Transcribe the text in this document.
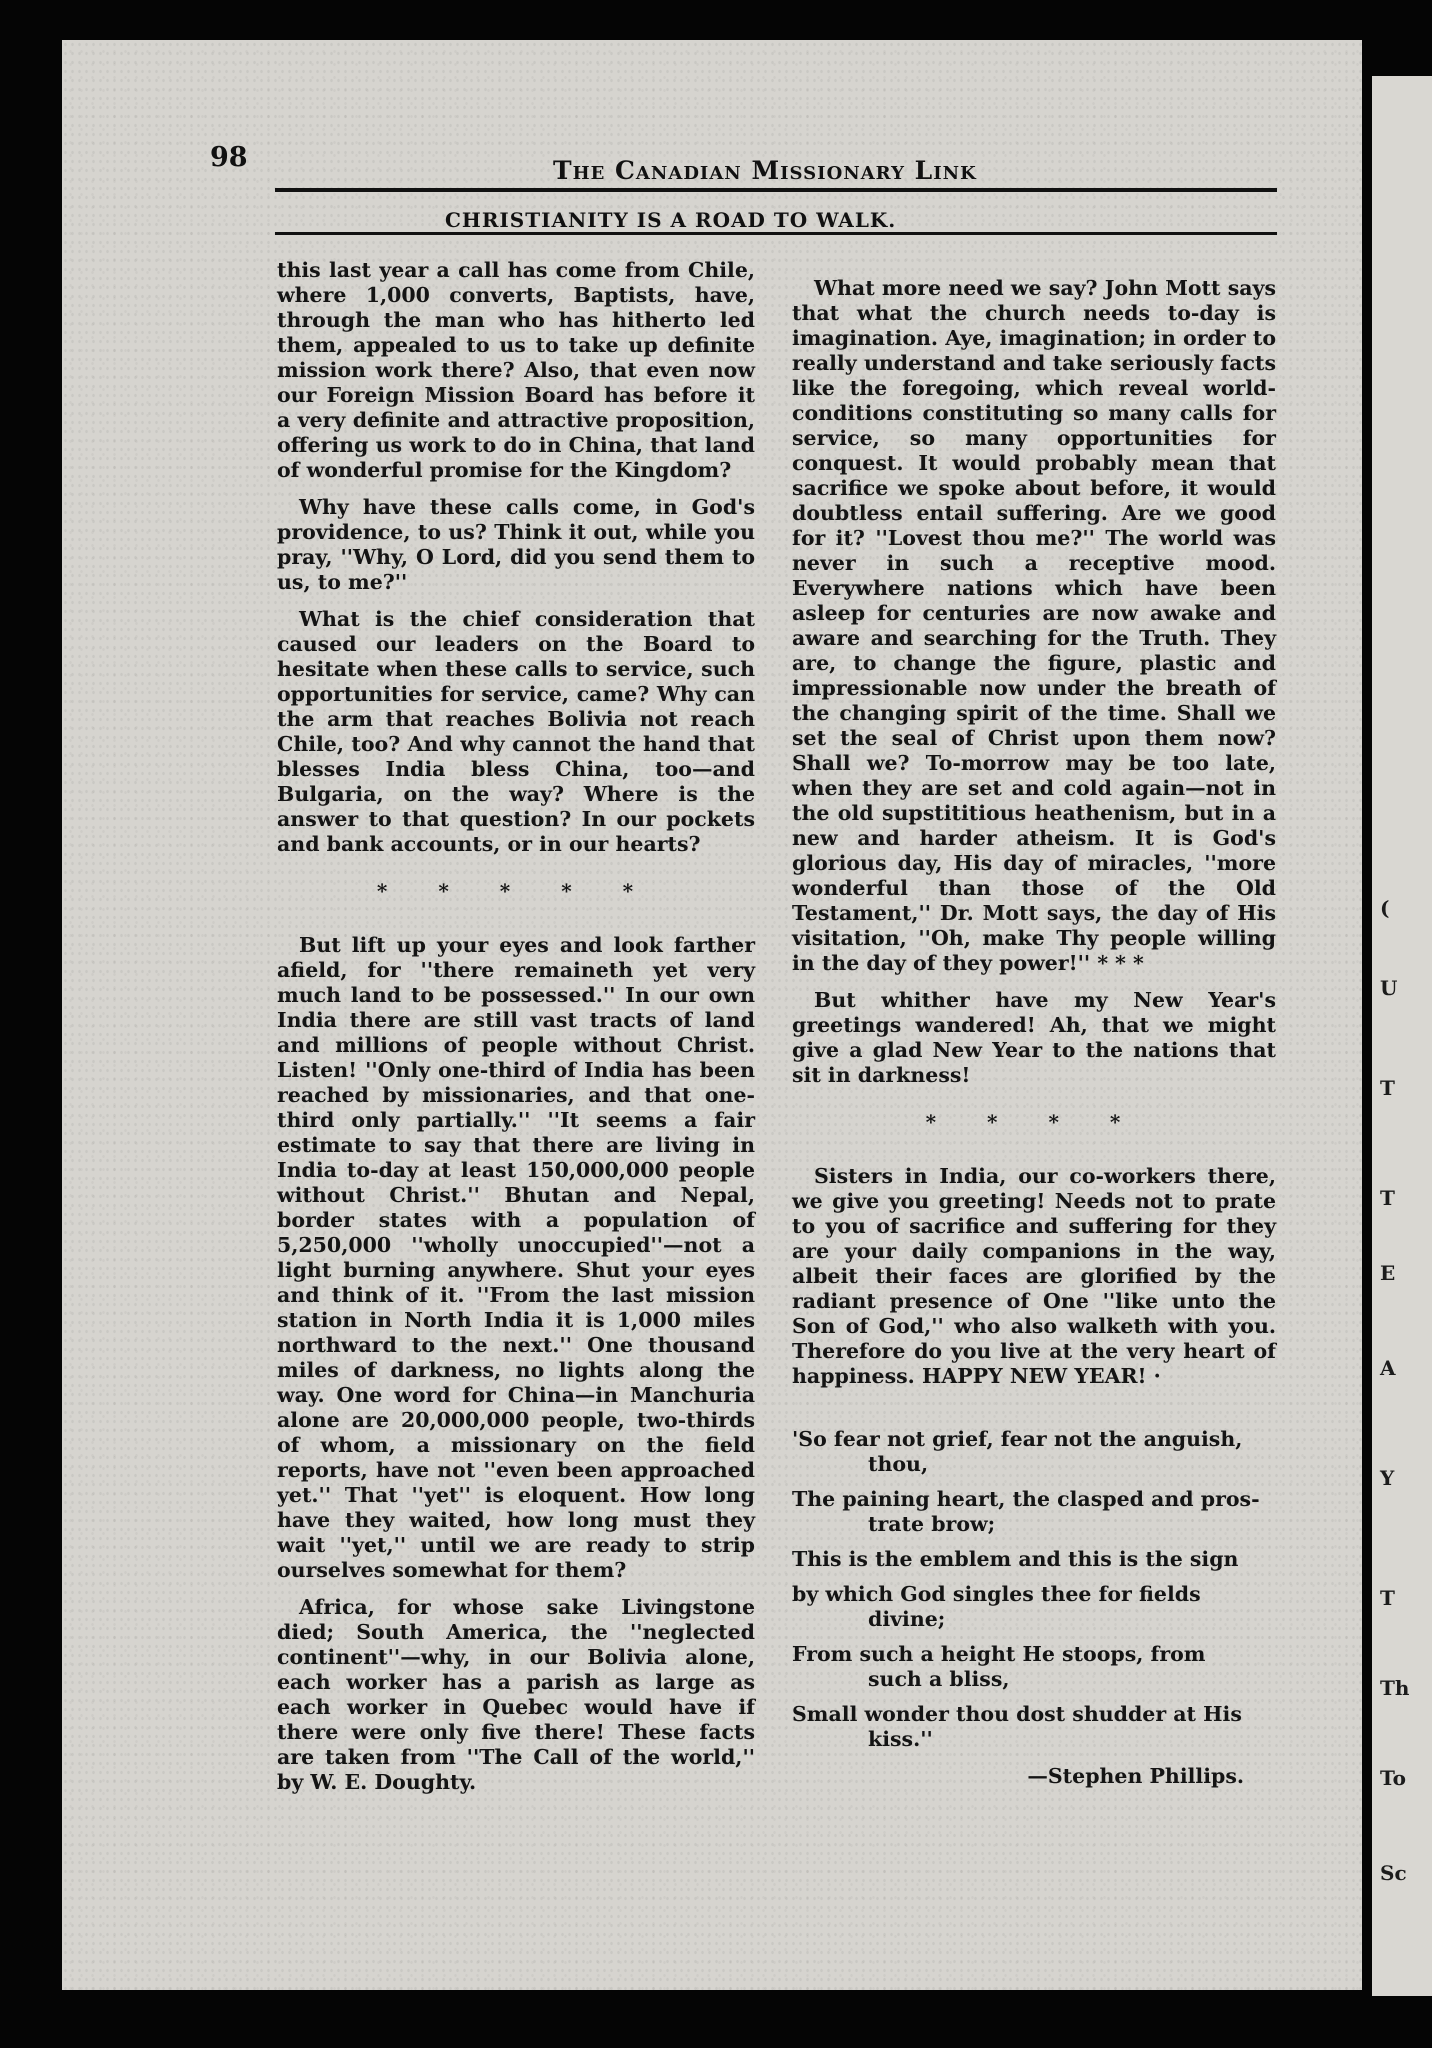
(
U
T
T
E
A
Y
T
Th
To
Sc
98	The Canadian Missionary Link
CHRISTIANITY IS A ROAD TO WALK.

this last year a call has come from Chile, where 1,000 converts, Baptists, have, through the man who has hitherto led them, appealed to us to take up definite mission work there? Also, that even now our Foreign Mission Board has before it a very definite and attractive proposition, offering us work to do in China, that land of wonderful promise for the Kingdom?

Why have these calls come, in God's providence, to us? Think it out, while you pray, ''Why, O Lord, did you send them to us, to me?''

What is the chief consideration that caused our leaders on the Board to hesitate when these calls to service, such opportunities for service, came? Why can the arm that reaches Bolivia not reach Chile, too? And why cannot the hand that blesses India bless China, too—and Bulgaria, on the way? Where is the answer to that question? In our pockets and bank accounts, or in our hearts?

* * * * *

But lift up your eyes and look farther afield, for ''there remaineth yet very much land to be possessed.'' In our own India there are still vast tracts of land and millions of people without Christ. Listen! ''Only one-third of India has been reached by missionaries, and that one-third only partially.'' ''It seems a fair estimate to say that there are living in India to-day at least 150,000,000 people without Christ.'' Bhutan and Nepal, border states with a population of 5,250,000 ''wholly unoccupied''—not a light burning anywhere. Shut your eyes and think of it. ''From the last mission station in North India it is 1,000 miles northward to the next.'' One thousand miles of darkness, no lights along the way. One word for China—in Manchuria alone are 20,000,000 people, two-thirds of whom, a missionary on the field reports, have not ''even been approached yet.'' That ''yet'' is eloquent. How long have they waited, how long must they wait ''yet,'' until we are ready to strip ourselves somewhat for them?

Africa, for whose sake Livingstone died; South America, the ''neglected continent''—why, in our Bolivia alone, each worker has a parish as large as each worker in Quebec would have if there were only five there! These facts are taken from ''The Call of the world,'' by W. E. Doughty.

What more need we say? John Mott says that what the church needs to-day is imagination. Aye, imagination; in order to really understand and take seriously facts like the foregoing, which reveal world-conditions constituting so many calls for service, so many opportunities for conquest. It would probably mean that sacrifice we spoke about before, it would doubtless entail suffering. Are we good for it? ''Lovest thou me?'' The world was never in such a receptive mood. Everywhere nations which have been asleep for centuries are now awake and aware and searching for the Truth. They are, to change the figure, plastic and impressionable now under the breath of the changing spirit of the time. Shall we set the seal of Christ upon them now? Shall we? To-morrow may be too late, when they are set and cold again—not in the old supstititious heathenism, but in a new and harder atheism. It is God's glorious day, His day of miracles, ''more wonderful than those of the Old Testament,'' Dr. Mott says, the day of His visitation, ''Oh, make Thy people willing in the day of they power!'' * * *

But whither have my New Year's greetings wandered! Ah, that we might give a glad New Year to the nations that sit in darkness!

* * * *

Sisters in India, our co-workers there, we give you greeting! Needs not to prate to you of sacrifice and suffering for they are your daily companions in the way, albeit their faces are glorified by the radiant presence of One ''like unto the Son of God,'' who also walketh with you. Therefore do you live at the very heart of happiness. HAPPY NEW YEAR! ·

'So fear not grief, fear not the anguish,
thou,
The paining heart, the clasped and pros-
trate brow;
This is the emblem and this is the sign
by which God singles thee for fields
divine;
From such a height He stoops, from
such a bliss,
Small wonder thou dost shudder at His
kiss.''
—Stephen Phillips.
